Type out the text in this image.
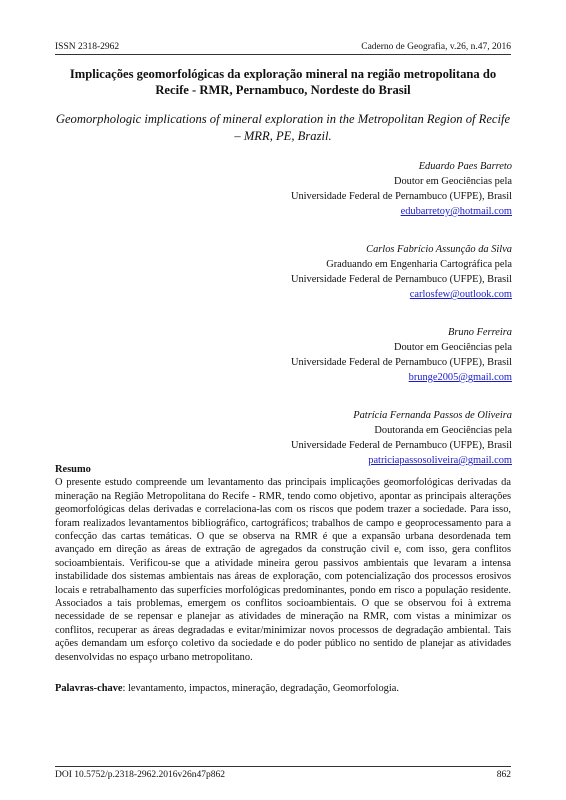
ISSN 2318-2962	Caderno de Geografia, v.26, n.47, 2016
Implicações geomorfológicas da exploração mineral na região metropolitana do Recife - RMR, Pernambuco, Nordeste do Brasil
Geomorphologic implications of mineral exploration in the Metropolitan Region of Recife – MRR, PE, Brazil.
Eduardo Paes Barreto
Doutor em Geociências pela
Universidade Federal de Pernambuco (UFPE), Brasil
edubarretoy@hotmail.com
Carlos Fabrício Assunção da Silva
Graduando em Engenharia Cartográfica pela
Universidade Federal de Pernambuco (UFPE), Brasil
carlosfew@outlook.com
Bruno Ferreira
Doutor em Geociências pela
Universidade Federal de Pernambuco (UFPE), Brasil
brunge2005@gmail.com
Patrícia Fernanda Passos de Oliveira
Doutoranda em Geociências pela
Universidade Federal de Pernambuco (UFPE), Brasil
patriciapassosoliveira@gmail.com
Resumo
O presente estudo compreende um levantamento das principais implicações geomorfológicas derivadas da mineração na Região Metropolitana do Recife - RMR, tendo como objetivo, apontar as principais alterações geomorfológicas delas derivadas e correlaciona-las com os riscos que podem trazer a sociedade. Para isso, foram realizados levantamentos bibliográfico, cartográficos; trabalhos de campo e geoprocessamento para a confecção das cartas temáticas. O que se observa na RMR é que a expansão urbana desordenada tem avançado em direção as áreas de extração de agregados da construção civil e, com isso, gera conflitos socioambientais. Verificou-se que a atividade mineira gerou passivos ambientais que levaram a intensa instabilidade dos sistemas ambientais nas áreas de exploração, com potencialização dos processos erosivos locais e retrabalhamento das superfícies morfológicas predominantes, pondo em risco a população residente. Associados a tais problemas, emergem os conflitos socioambientais. O que se observou foi à extrema necessidade de se repensar e planejar as atividades de mineração na RMR, com vistas a minimizar os conflitos, recuperar as áreas degradadas e evitar/minimizar novos processos de degradação ambiental. Tais ações demandam um esforço coletivo da sociedade e do poder público no sentido de planejar as atividades desenvolvidas no espaço urbano metropolitano.
Palavras-chave: levantamento, impactos, mineração, degradação, Geomorfologia.
DOI 10.5752/p.2318-2962.2016v26n47p862	862
